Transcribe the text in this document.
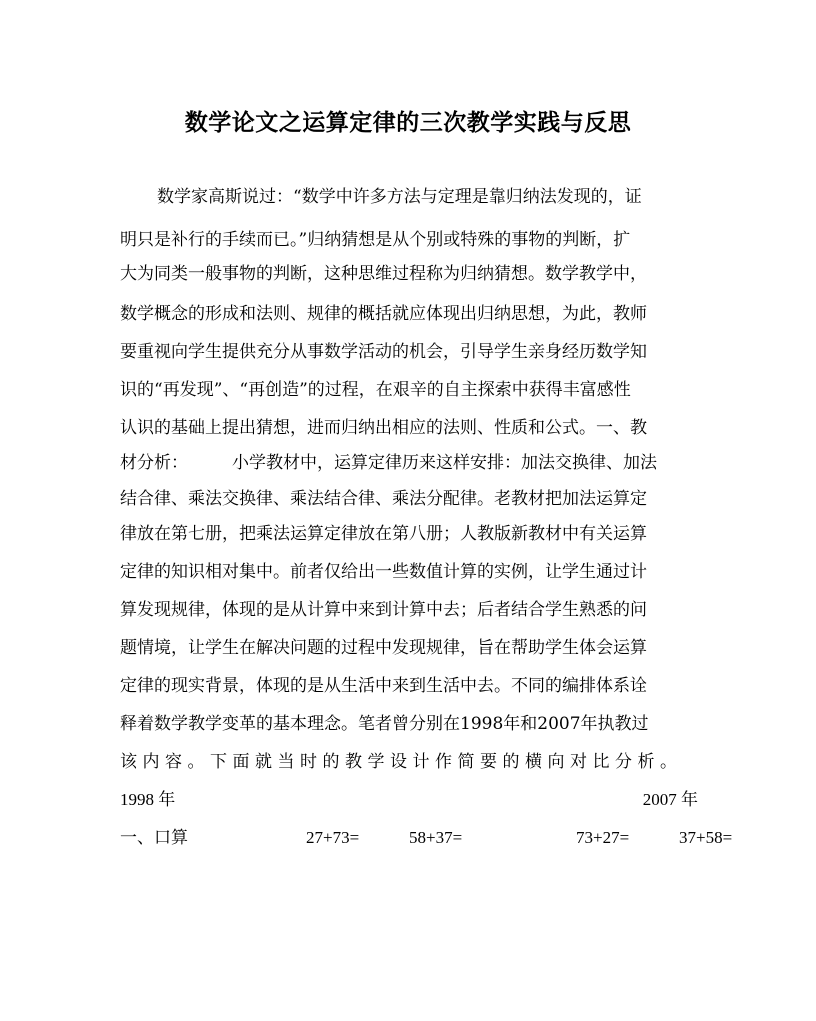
数学论文之运算定律的三次教学实践与反思
数学家高斯说过：“数学中许多方法与定理是靠归纳法发现的，证
明只是补行的手续而已。”归纳猜想是从个别或特殊的事物的判断，扩
大为同类一般事物的判断，这种思维过程称为归纳猜想。数学教学中，
数学概念的形成和法则、规律的概括就应体现出归纳思想，为此，教师
要重视向学生提供充分从事数学活动的机会，引导学生亲身经历数学知
识的“再发现”、“再创造”的过程，在艰辛的自主探索中获得丰富感性
认识的基础上提出猜想，进而归纳出相应的法则、性质和公式。一、教
材分析：	小学教材中，运算定律历来这样安排：加法交换律、加法
结合律、乘法交换律、乘法结合律、乘法分配律。老教材把加法运算定
律放在第七册，把乘法运算定律放在第八册；人教版新教材中有关运算
定律的知识相对集中。前者仅给出一些数值计算的实例，让学生通过计
算发现规律，体现的是从计算中来到计算中去；后者结合学生熟悉的问
题情境，让学生在解决问题的过程中发现规律，旨在帮助学生体会运算
定律的现实背景，体现的是从生活中来到生活中去。不同的编排体系诠
释着数学教学变革的基本理念。笔者曾分别在1998年和2007年执教过
该内容。下面就当时的教学设计作简要的横向对比分析。
1998 年	2007 年
一、口算	27+73=	58+37=	73+27=	37+58=
